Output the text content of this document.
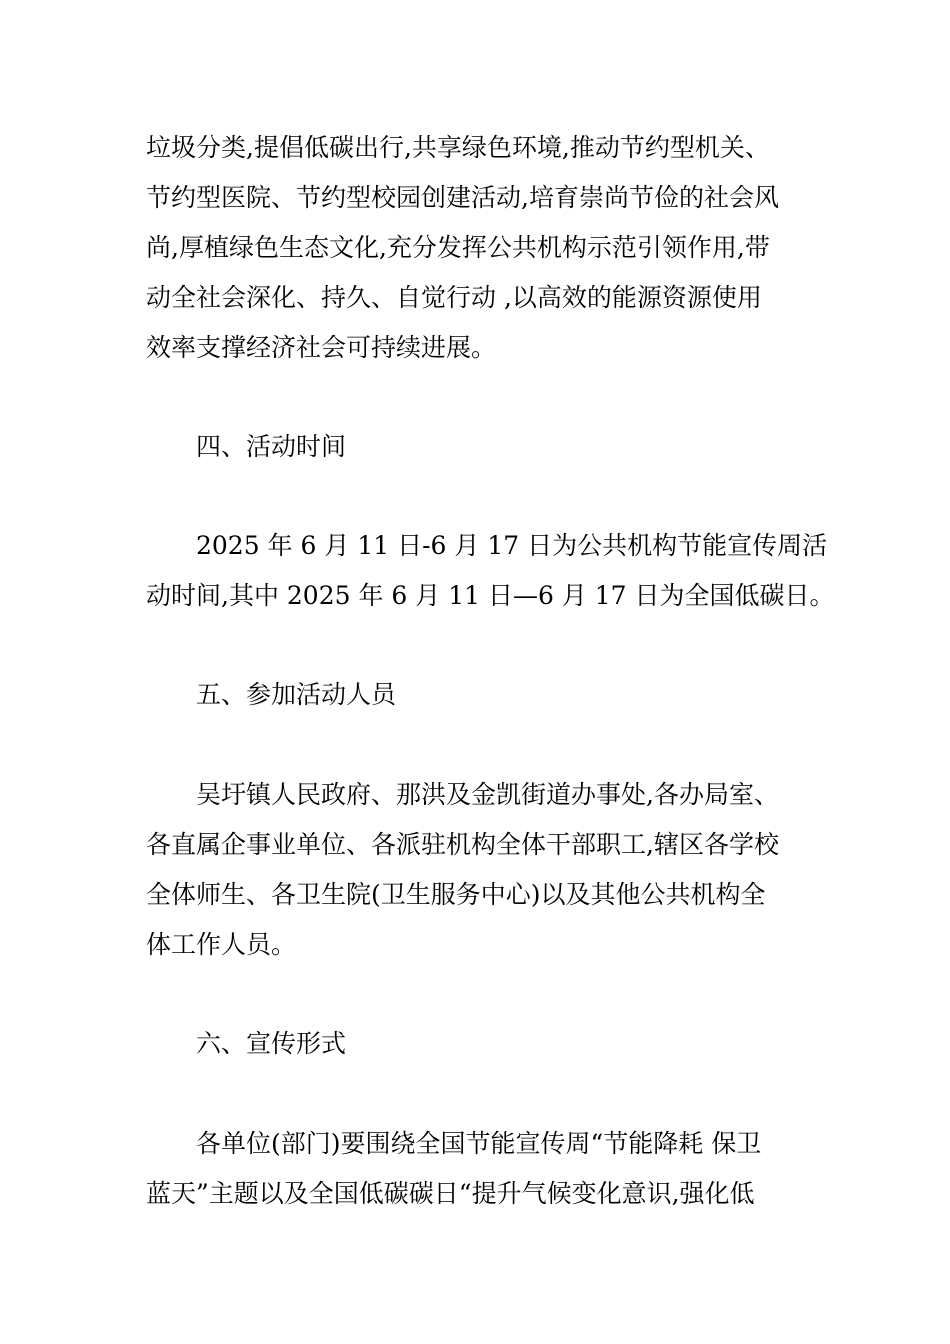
垃圾分类,提倡低碳出行,共享绿色环境,推动节约型机关、
节约型医院、节约型校园创建活动,培育崇尚节俭的社会风
尚,厚植绿色生态文化,充分发挥公共机构示范引领作用,带
动全社会深化、持久、自觉行动 ,以高效的能源资源使用
效率支撑经济社会可持续进展。
四、活动时间
2025 年 6 月 11 日-6 月 17 日为公共机构节能宣传周活
动时间,其中 2025 年 6 月 11 日—6 月 17 日为全国低碳日。
五、参加活动人员
吴圩镇人民政府、那洪及金凯街道办事处,各办局室、
各直属企事业单位、各派驻机构全体干部职工,辖区各学校
全体师生、各卫生院(卫生服务中心)以及其他公共机构全
体工作人员。
六、宣传形式
各单位(部门)要围绕全国节能宣传周“节能降耗 保卫
蓝天”主题以及全国低碳碳日“提升气候变化意识,强化低
